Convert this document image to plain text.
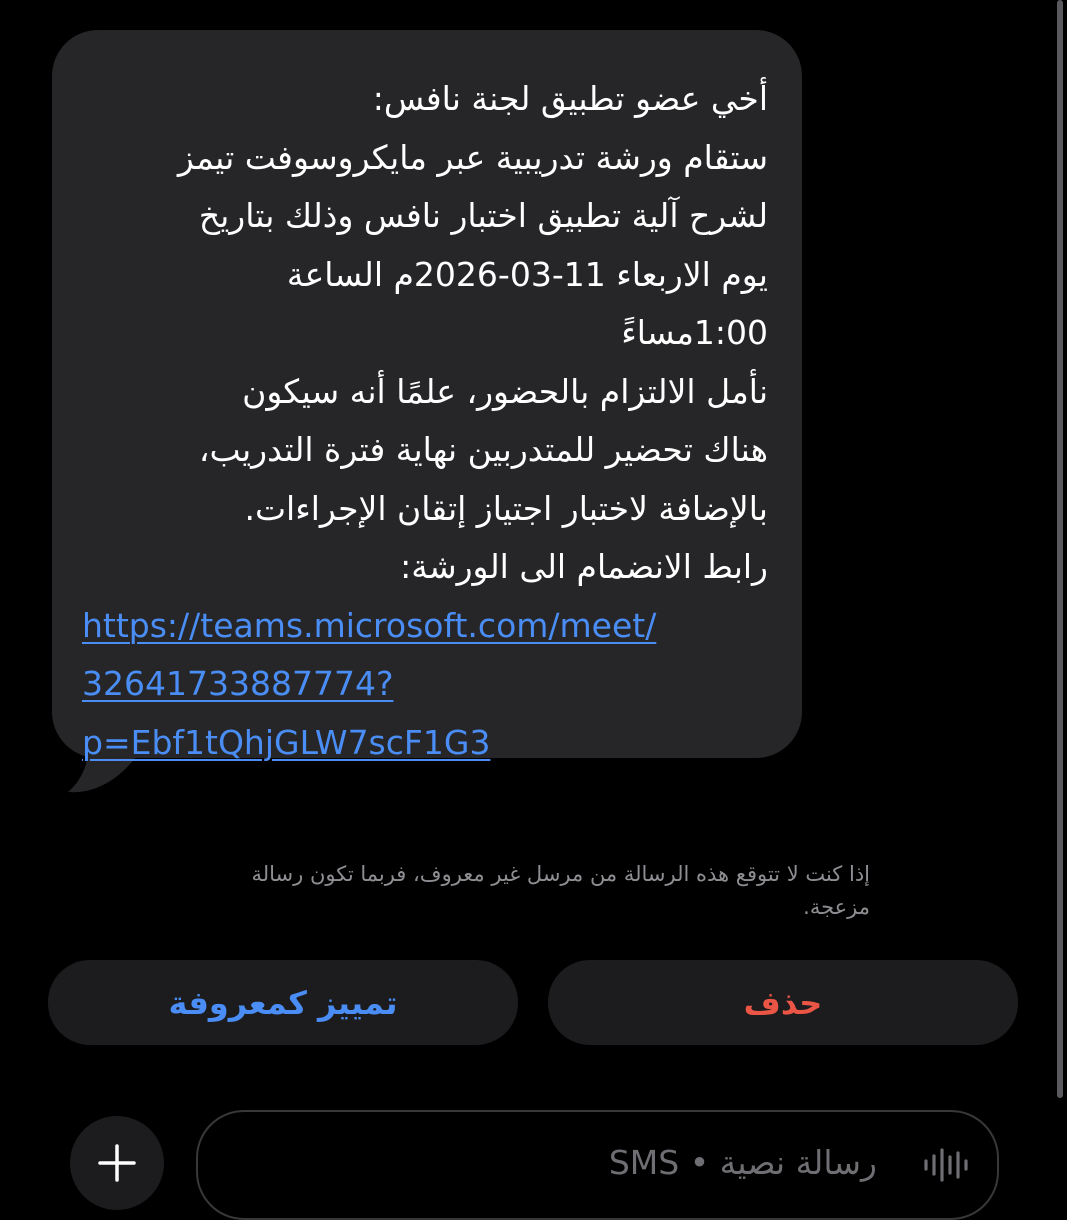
أخي عضو تطبيق لجنة نافس:
ستقام ورشة تدريبية عبر مايكروسوفت تيمز
لشرح آلية تطبيق اختبار نافس وذلك بتاريخ
يوم الاربعاء 11-03-2026م الساعة
1:00مساءً
نأمل الالتزام بالحضور، علمًا أنه سيكون
هناك تحضير للمتدربين نهاية فترة التدريب،
بالإضافة لاختبار اجتياز إتقان الإجراءات.
رابط الانضمام الى الورشة:
https://teams.microsoft.com/meet/
32641733887774?
p=Ebf1tQhjGLW7scF1G3
إذا كنت لا تتوقع هذه الرسالة من مرسل غير معروف، فربما تكون رسالة مزعجة.
تمييز كمعروفة	حذف
رسالة نصية • SMS
